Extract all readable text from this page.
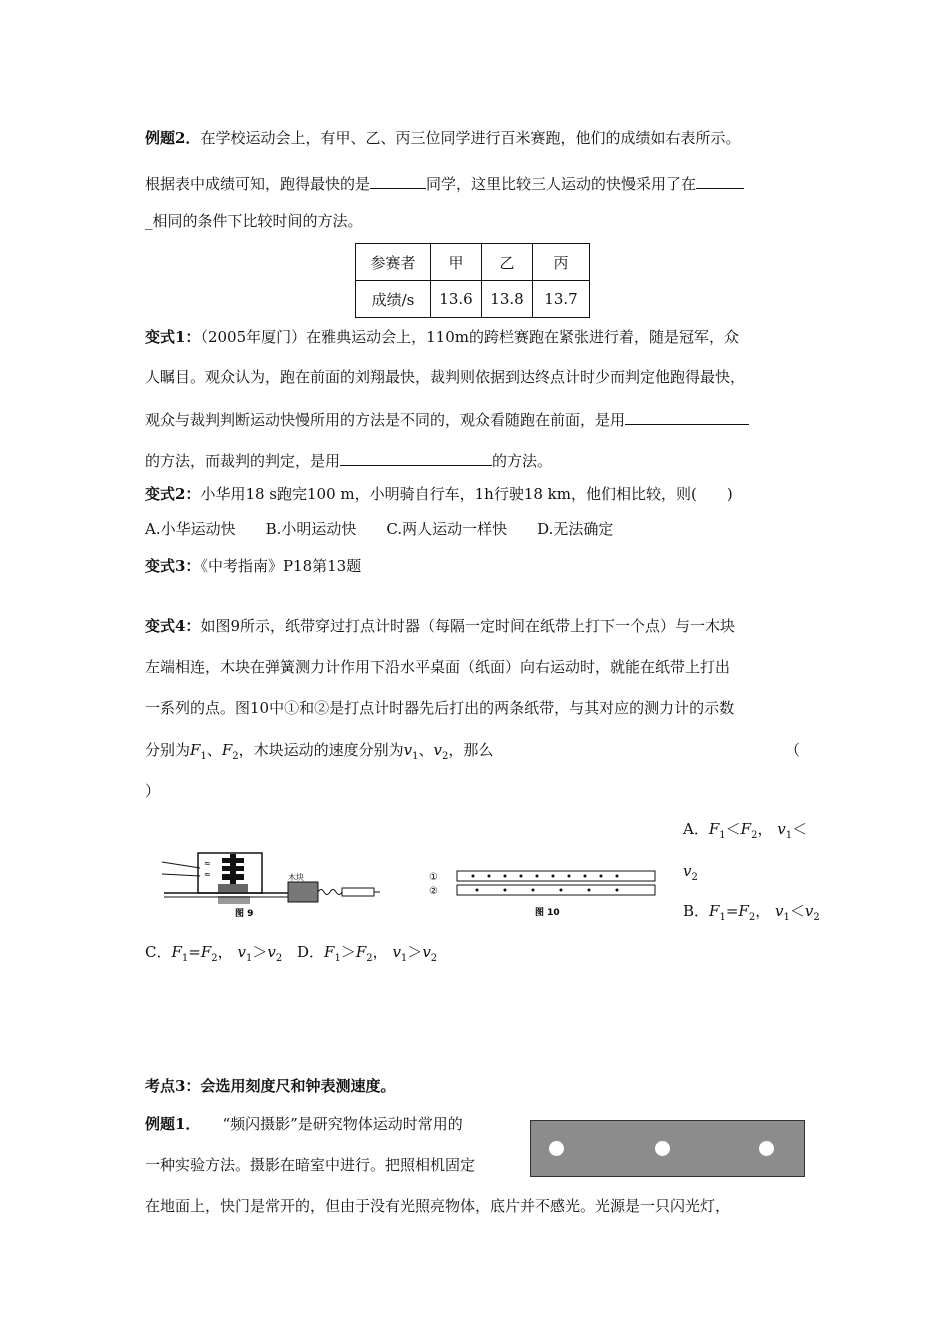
例题2．在学校运动会上，有甲、乙、丙三位同学进行百米赛跑，他们的成绩如右表所示。
根据表中成绩可知，跑得最快的是	同学，这里比较三人运动的快慢采用了在
_相同的条件下比较时间的方法。
参赛者	甲	乙	丙
成绩/s	13.6	13.8	13.7
变式1：（2005年厦门）在雅典运动会上，110m的跨栏赛跑在紧张进行着，随是冠军，众
人瞩目。观众认为，跑在前面的刘翔最快，裁判则依据到达终点计时少而判定他跑得最快，
观众与裁判判断运动快慢所用的方法是不同的，观众看随跑在前面，是用
的方法，而裁判的判定，是用	的方法。
变式2：小华用18 s跑完100 m，小明骑自行车，1h行驶18 km，他们相比较，则(　　)
A.小华运动快　　B.小明运动快　　C.两人运动一样快　　D.无法确定
变式3：《中考指南》P18第13题
变式4：如图9所示，纸带穿过打点计时器（每隔一定时间在纸带上打下一个点）与一木块
左端相连，木块在弹簧测力计作用下沿水平桌面（纸面）向右运动时，就能在纸带上打出
一系列的点。图10中①和②是打点计时器先后打出的两条纸带，与其对应的测力计的示数
分别为$F_1$、$F_2$，木块运动的速度分别为$v_1$、$v_2$，那么	（
）
A．$F_1<F_2$， $v_1<$
$v_2$
B．$F_1=F_2$， $v_1<v_2$
C．$F_1=F_2$， $v_1>v_2$ D．$F_1>F_2$， $v_1>v_2$
≈
≈	木块
图 9
①
②
图 10
考点3：会选用刻度尺和钟表测速度。
例题1． “频闪摄影”是研究物体运动时常用的
一种实验方法。摄影在暗室中进行。把照相机固定
在地面上，快门是常开的，但由于没有光照亮物体，底片并不感光。光源是一只闪光灯，
